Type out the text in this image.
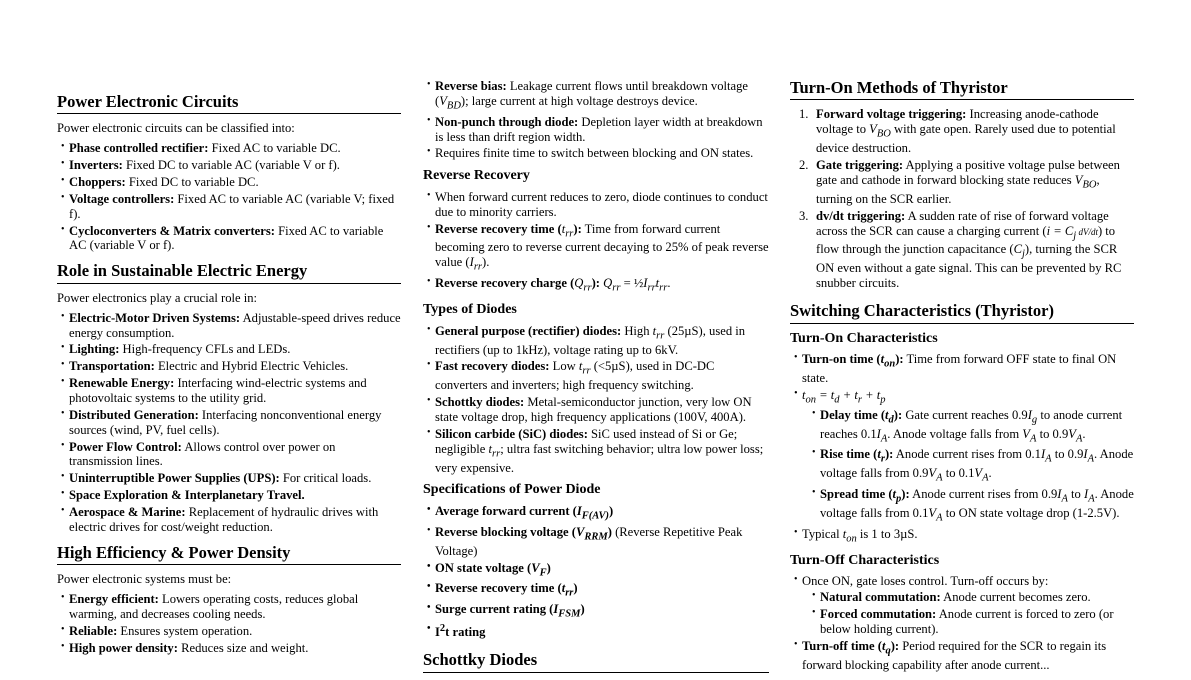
Power Electronic Circuits

Power electronic circuits can be classified into:

• Phase controlled rectifier: Fixed AC to variable DC.
• Inverters: Fixed DC to variable AC (variable V or f).
• Choppers: Fixed DC to variable DC.
• Voltage controllers: Fixed AC to variable AC (variable V; fixed f).
• Cycloconverters & Matrix converters: Fixed AC to variable AC (variable V or f).
Role in Sustainable Electric Energy

Power electronics play a crucial role in:

• Electric-Motor Driven Systems: Adjustable-speed drives reduce energy consumption.
• Lighting: High-frequency CFLs and LEDs.
• Transportation: Electric and Hybrid Electric Vehicles.
• Renewable Energy: Interfacing wind-electric systems and photovoltaic systems to the utility grid.
• Distributed Generation: Interfacing nonconventional energy sources (wind, PV, fuel cells).
• Power Flow Control: Allows control over power on transmission lines.
• Uninterruptible Power Supplies (UPS): For critical loads.
• Space Exploration & Interplanetary Travel.
• Aerospace & Marine: Replacement of hydraulic drives with electric drives for cost/weight reduction.
High Efficiency & Power Density

Power electronic systems must be:

• Energy efficient: Lowers operating costs, reduces global warming, and decreases cooling needs.
• Reliable: Ensures system operation.
• High power density: Reduces size and weight.
• Reverse bias: Leakage current flows until breakdown voltage $(V_{BD})$; large current at high voltage destroys device.
• Non-punch through diode: Depletion layer width at breakdown is less than drift region width.
• Requires finite time to switch between blocking and ON states.
Reverse Recovery
• When forward current reduces to zero, diode continues to conduct due to minority carriers.
• Reverse recovery time $(t_{rr})$: Time from forward current becoming zero to reverse current decaying to 25% of peak reverse value $(I_{rr})$.
• Reverse recovery charge $(Q_{rr})$: $Q_{rr}$ = $\frac{1}{2}I_{rr}t_{rr}$.
Types of Diodes
• General purpose (rectifier) diodes: High $t_{rr}$ (25µS), used in rectifiers (up to 1kHz), voltage rating up to 6kV.
• Fast recovery diodes: Low $t_{rr}$ (<5µS), used in DC-DC converters and inverters; high frequency switching.
• Schottky diodes: Metal-semiconductor junction, very low ON state voltage drop, high frequency applications (100V, 400A).
• Silicon carbide (SiC) diodes: SiC used instead of Si or Ge; negligible $t_{rr}$; ultra fast switching behavior; ultra low power loss; very expensive.
Specifications of Power Diode
• Average forward current $(I_{F(AV)})$
• Reverse blocking voltage $(V_{RRM})$ (Reverse Repetitive Peak Voltage)
• ON state voltage $(V_F)$
• Reverse recovery time $(t_{rr})$
• Surge current rating $(I_{FSM})$
• $I^2t$ rating
Schottky Diodes
Turn-On Methods of Thyristor
1. Forward voltage triggering: Increasing anode-cathode voltage to $V_{BO}$ with gate open. Rarely used due to potential device destruction.
2. Gate triggering: Applying a positive voltage pulse between gate and cathode in forward blocking state reduces $V_{BO}$, turning on the SCR earlier.
3. dv/dt triggering: A sudden rate of rise of forward voltage across the SCR can cause a charging current ($i = C_j$ dV/dt) to flow through the junction capacitance $(C_j)$, turning the SCR ON even without a gate signal. This can be prevented by RC snubber circuits.
Switching Characteristics (Thyristor)
Turn-On Characteristics
• Turn-on time $(t_{on})$: Time from forward OFF state to final ON state.
• $t_{on} = t_d + t_r + t_p$
• Delay time $(t_d)$: Gate current reaches $0.9I_g$ to anode current reaches $0.1I_A$. Anode voltage falls from $V_A$ to $0.9V_A$.
• Rise time $(t_r)$: Anode current rises from $0.1I_A$ to $0.9I_A$. Anode voltage falls from $0.9V_A$ to $0.1V_A$.
• Spread time $(t_p)$: Anode current rises from $0.9I_A$ to $I_A$. Anode voltage falls from $0.1V_A$ to ON state voltage drop (1-2.5V).
• Typical $t_{on}$ is 1 to 3µS.
Turn-Off Characteristics
• Once ON, gate loses control. Turn-off occurs by:
• Natural commutation: Anode current becomes zero.
• Forced commutation: Anode current is forced to zero (or below holding current).
• Turn-off time $(t_q)$: Period required for the SCR to regain its forward blocking capability after anode current...
